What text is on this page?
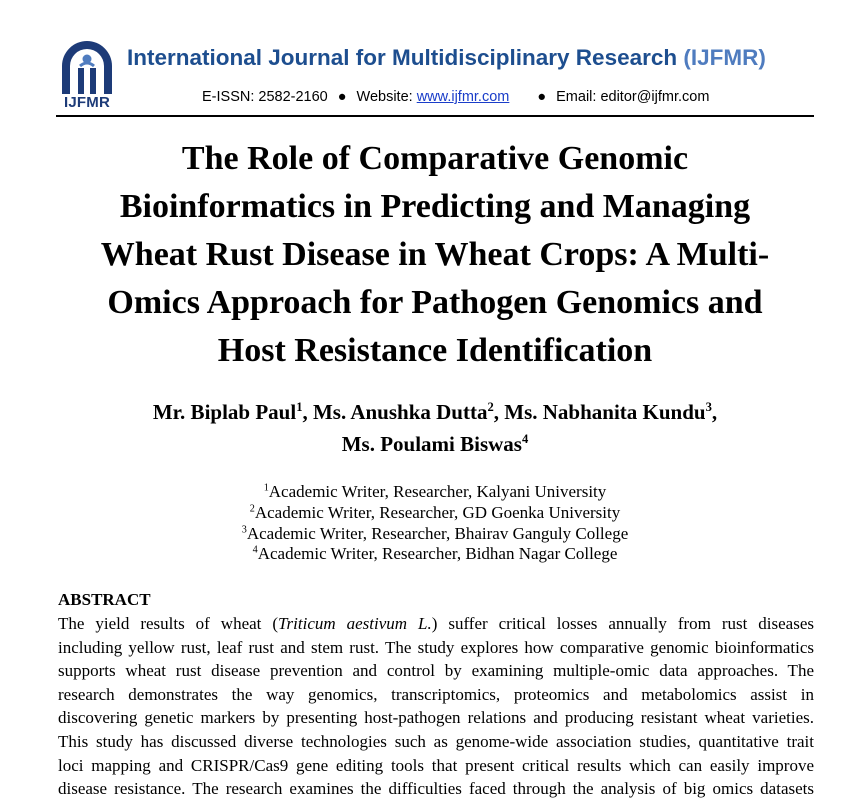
IJFMR
International Journal for Multidisciplinary Research (IJFMR)
E-ISSN: 2582-2160 ● Website: www.ijfmr.com ● Email: editor@ijfmr.com
The Role of Comparative Genomic
Bioinformatics in Predicting and Managing
Wheat Rust Disease in Wheat Crops: A Multi-
Omics Approach for Pathogen Genomics and
Host Resistance Identification
Mr. Biplab Paul$^1$, Ms. Anushka Dutta$^2$, Ms. Nabhanita Kundu$^3$,
Ms. Poulami Biswas$^4$
$^1$Academic Writer, Researcher, Kalyani University
$^2$Academic Writer, Researcher, GD Goenka University
$^3$Academic Writer, Researcher, Bhairav Ganguly College
$^4$Academic Writer, Researcher, Bidhan Nagar College
ABSTRACT
The yield results of wheat (Triticum aestivum L.) suffer critical losses annually from rust diseases
including yellow rust, leaf rust and stem rust. The study explores how comparative genomic bioinformatics
supports wheat rust disease prevention and control by examining multiple-omic data approaches. The
research demonstrates the way genomics, transcriptomics, proteomics and metabolomics assist in
discovering genetic markers by presenting host-pathogen relations and producing resistant wheat varieties.
This study has discussed diverse technologies such as genome-wide association studies, quantitative trait
loci mapping and CRISPR/Cas9 gene editing tools that present critical results which can easily improve
disease resistance. The research examines the difficulties faced through the analysis of big omics datasets
